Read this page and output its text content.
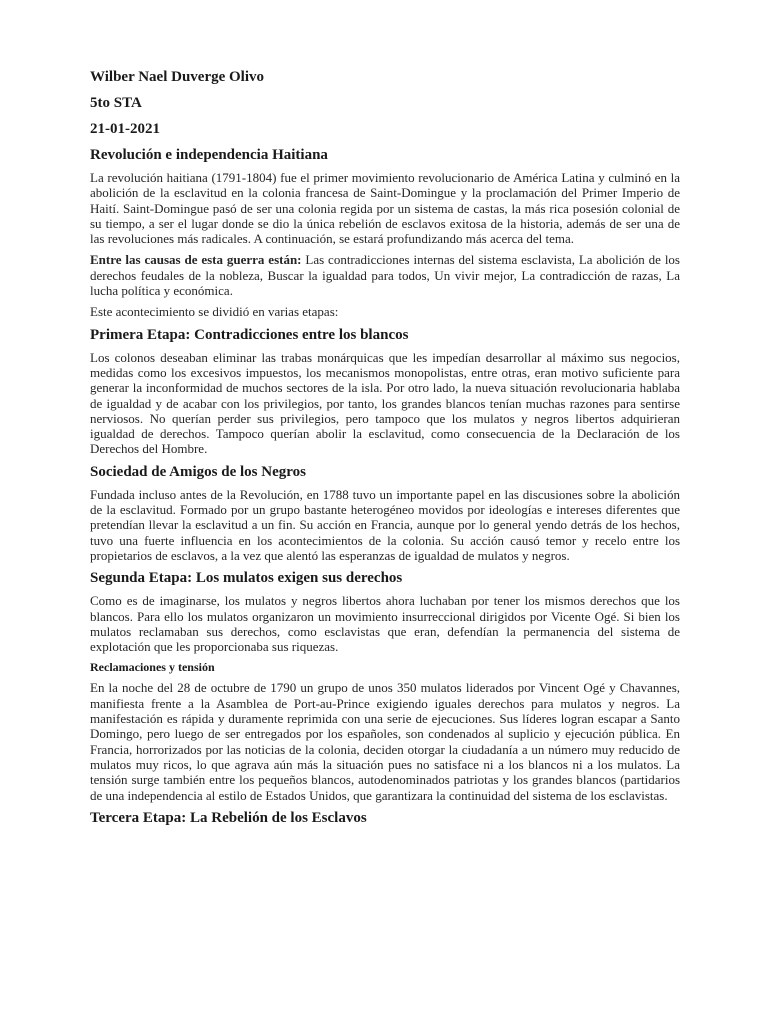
Wilber Nael Duverge Olivo
5to STA
21-01-2021
Revolución e independencia Haitiana

La revolución haitiana (1791-1804) fue el primer movimiento revolucionario de América Latina y culminó en la abolición de la esclavitud en la colonia francesa de Saint-Domingue y la proclamación del Primer Imperio de Haití. Saint-Domingue pasó de ser una colonia regida por un sistema de castas, la más rica posesión colonial de su tiempo, a ser el lugar donde se dio la única rebelión de esclavos exitosa de la historia, además de ser una de las revoluciones más radicales. A continuación, se estará profundizando más acerca del tema.

Entre las causas de esta guerra están: Las contradicciones internas del sistema esclavista, La abolición de los derechos feudales de la nobleza, Buscar la igualdad para todos, Un vivir mejor, La contradicción de razas, La lucha política y económica.

Este acontecimiento se dividió en varias etapas:

Primera Etapa: Contradicciones entre los blancos

Los colonos deseaban eliminar las trabas monárquicas que les impedían desarrollar al máximo sus negocios, medidas como los excesivos impuestos, los mecanismos monopolistas, entre otras, eran motivo suficiente para generar la inconformidad de muchos sectores de la isla. Por otro lado, la nueva situación revolucionaria hablaba de igualdad y de acabar con los privilegios, por tanto, los grandes blancos tenían muchas razones para sentirse nerviosos. No querían perder sus privilegios, pero tampoco que los mulatos y negros libertos adquirieran igualdad de derechos. Tampoco querían abolir la esclavitud, como consecuencia de la Declaración de los Derechos del Hombre.

Sociedad de Amigos de los Negros

Fundada incluso antes de la Revolución, en 1788 tuvo un importante papel en las discusiones sobre la abolición de la esclavitud. Formado por un grupo bastante heterogéneo movidos por ideologías e intereses diferentes que pretendían llevar la esclavitud a un fin. Su acción en Francia, aunque por lo general yendo detrás de los hechos, tuvo una fuerte influencia en los acontecimientos de la colonia. Su acción causó temor y recelo entre los propietarios de esclavos, a la vez que alentó las esperanzas de igualdad de mulatos y negros.

Segunda Etapa: Los mulatos exigen sus derechos

Como es de imaginarse, los mulatos y negros libertos ahora luchaban por tener los mismos derechos que los blancos. Para ello los mulatos organizaron un movimiento insurreccional dirigidos por Vicente Ogé. Si bien los mulatos reclamaban sus derechos, como esclavistas que eran, defendían la permanencia del sistema de explotación que les proporcionaba sus riquezas.

Reclamaciones y tensión

En la noche del 28 de octubre de 1790 un grupo de unos 350 mulatos liderados por Vincent Ogé y Chavannes, manifiesta frente a la Asamblea de Port-au-Prince exigiendo iguales derechos para mulatos y negros. La manifestación es rápida y duramente reprimida con una serie de ejecuciones. Sus líderes logran escapar a Santo Domingo, pero luego de ser entregados por los españoles, son condenados al suplicio y ejecución pública. En Francia, horrorizados por las noticias de la colonia, deciden otorgar la ciudadanía a un número muy reducido de mulatos muy ricos, lo que agrava aún más la situación pues no satisface ni a los blancos ni a los mulatos. La tensión surge también entre los pequeños blancos, autodenominados patriotas y los grandes blancos (partidarios de una independencia al estilo de Estados Unidos, que garantizara la continuidad del sistema de los esclavistas.

Tercera Etapa: La Rebelión de los Esclavos
